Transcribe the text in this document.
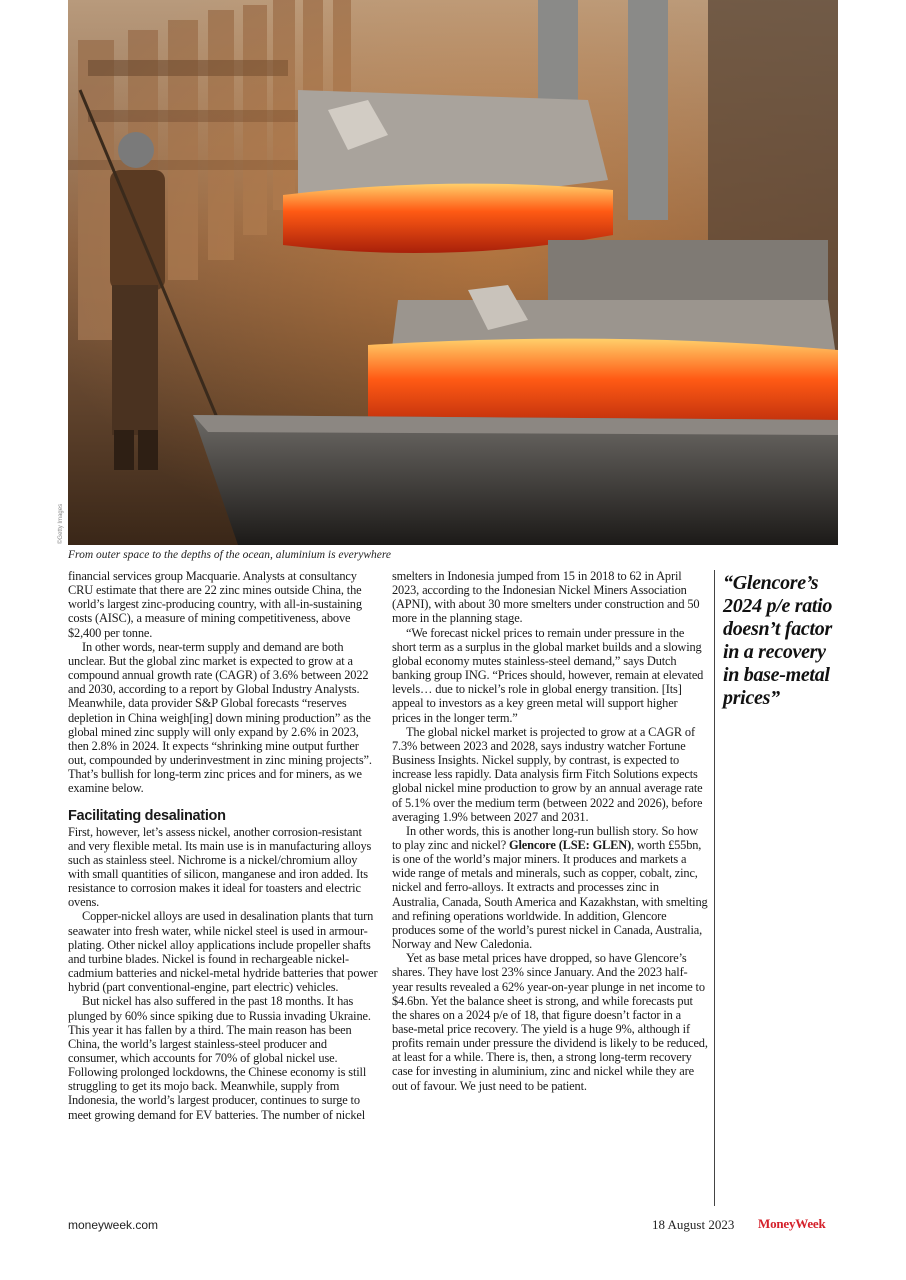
©Getty Images
From outer space to the depths of the ocean, aluminium is everywhere

financial services group Macquarie. Analysts at consultancy CRU estimate that there are 22 zinc mines outside China, the world’s largest zinc-producing country, with all-in-sustaining costs (AISC), a measure of mining competitiveness, above $2,400 per tonne.

In other words, near-term supply and demand are both unclear. But the global zinc market is expected to grow at a compound annual growth rate (CAGR) of 3.6% between 2022 and 2030, according to a report by Global Industry Analysts. Meanwhile, data provider S&P Global forecasts “reserves depletion in China weigh[ing] down mining production” as the global mined zinc supply will only expand by 2.6% in 2023, then 2.8% in 2024. It expects “shrinking mine output further out, compounded by underinvestment in zinc mining projects”. That’s bullish for long-term zinc prices and for miners, as we examine below.

Facilitating desalination

First, however, let’s assess nickel, another corrosion-resistant and very flexible metal. Its main use is in manufacturing alloys such as stainless steel. Nichrome is a nickel/chromium alloy with small quantities of silicon, manganese and iron added. Its resistance to corrosion makes it ideal for toasters and electric ovens.

Copper-nickel alloys are used in desalination plants that turn seawater into fresh water, while nickel steel is used in armour-plating. Other nickel alloy applications include propeller shafts and turbine blades. Nickel is found in rechargeable nickel-cadmium batteries and nickel-metal hydride batteries that power hybrid (part conventional-engine, part electric) vehicles.

But nickel has also suffered in the past 18 months. It has plunged by 60% since spiking due to Russia invading Ukraine. This year it has fallen by a third. The main reason has been China, the world’s largest stainless-steel producer and consumer, which accounts for 70% of global nickel use. Following prolonged lockdowns, the Chinese economy is still struggling to get its mojo back. Meanwhile, supply from Indonesia, the world’s largest producer, continues to surge to meet growing demand for EV batteries. The number of nickel

smelters in Indonesia jumped from 15 in 2018 to 62 in April 2023, according to the Indonesian Nickel Miners Association (APNI), with about 30 more smelters under construction and 50 more in the planning stage.

“We forecast nickel prices to remain under pressure in the short term as a surplus in the global market builds and a slowing global economy mutes stainless-steel demand,” says Dutch banking group ING. “Prices should, however, remain at elevated levels… due to nickel’s role in global energy transition. [Its] appeal to investors as a key green metal will support higher prices in the longer term.”

The global nickel market is projected to grow at a CAGR of 7.3% between 2023 and 2028, says industry watcher Fortune Business Insights. Nickel supply, by contrast, is expected to increase less rapidly. Data analysis firm Fitch Solutions expects global nickel mine production to grow by an annual average rate of 5.1% over the medium term (between 2022 and 2026), before averaging 1.9% between 2027 and 2031.

In other words, this is another long-run bullish story. So how to play zinc and nickel? Glencore (LSE: GLEN), worth £55bn, is one of the world’s major miners. It produces and markets a wide range of metals and minerals, such as copper, cobalt, zinc, nickel and ferro-alloys. It extracts and processes zinc in Australia, Canada, South America and Kazakhstan, with smelting and refining operations worldwide. In addition, Glencore produces some of the world’s purest nickel in Canada, Australia, Norway and New Caledonia.

Yet as base metal prices have dropped, so have Glencore’s shares. They have lost 23% since January. And the 2023 half-year results revealed a 62% year-on-year plunge in net income to $4.6bn. Yet the balance sheet is strong, and while forecasts put the shares on a 2024 p/e of 18, that figure doesn’t factor in a base-metal price recovery. The yield is a huge 9%, although if profits remain under pressure the dividend is likely to be reduced, at least for a while. There is, then, a strong long-term recovery case for investing in aluminium, zinc and nickel while they are out of favour. We just need to be patient.

“Glencore’s 2024 p/e ratio doesn’t factor in a recovery in base-metal prices”
moneyweek.com	18 August 2023 MoneyWeek
